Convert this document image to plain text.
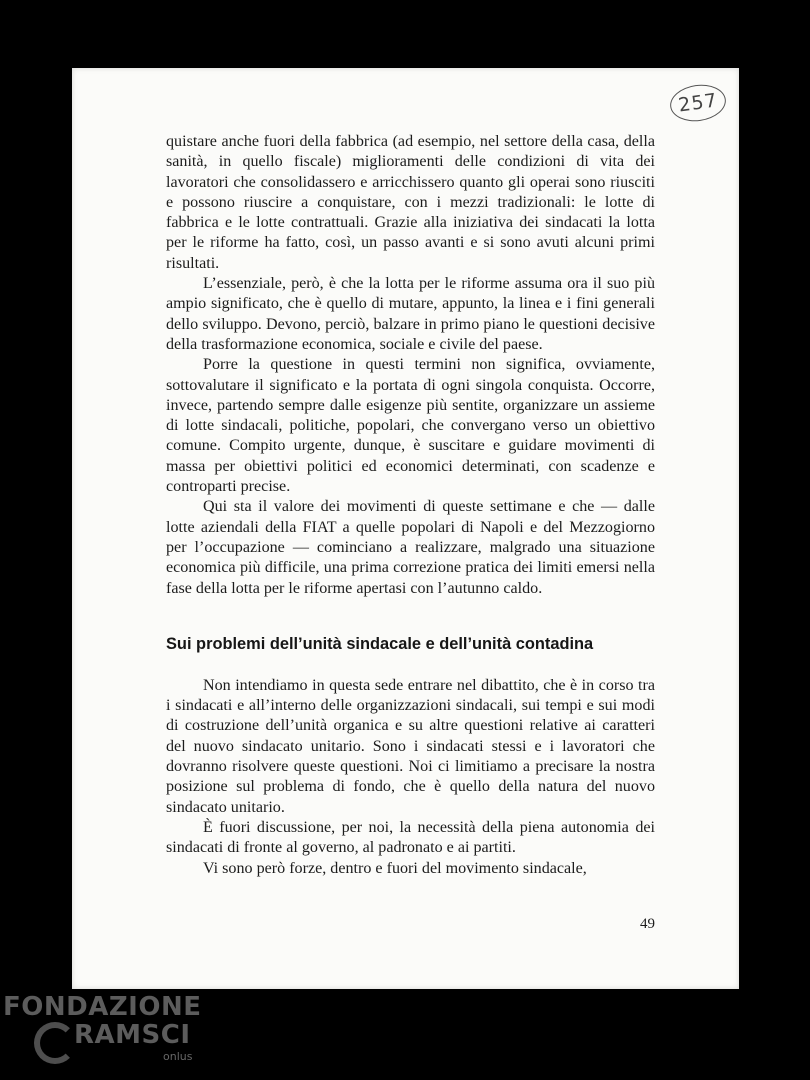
257

quistare anche fuori della fabbrica (ad esempio, nel settore della casa, della sanità, in quello fiscale) miglioramenti delle condizioni di vita dei lavoratori che consolidassero e arricchissero quanto gli operai sono riusciti e possono riuscire a conquistare, con i mezzi tradizionali: le lotte di fabbrica e le lotte contrattuali. Grazie alla iniziativa dei sindacati la lotta per le riforme ha fatto, così, un passo avanti e si sono avuti alcuni primi risultati.

L’essenziale, però, è che la lotta per le riforme assuma ora il suo più ampio significato, che è quello di mutare, appunto, la linea e i fini generali dello sviluppo. Devono, perciò, balzare in primo piano le questioni decisive della trasformazione economica, sociale e civile del paese.

Porre la questione in questi termini non significa, ovviamente, sottovalutare il significato e la portata di ogni singola conquista. Occorre, invece, partendo sempre dalle esigenze più sentite, organizzare un assieme di lotte sindacali, politiche, popolari, che convergano verso un obiettivo comune. Compito urgente, dunque, è suscitare e guidare movimenti di massa per obiettivi politici ed economici determinati, con scadenze e controparti precise.

Qui sta il valore dei movimenti di queste settimane e che — dalle lotte aziendali della FIAT a quelle popolari di Napoli e del Mezzogiorno per l’occupazione — cominciano a realizzare, malgrado una situazione economica più difficile, una prima correzione pratica dei limiti emersi nella fase della lotta per le riforme apertasi con l’autunno caldo.

Sui problemi dell’unità sindacale e dell’unità contadina

Non intendiamo in questa sede entrare nel dibattito, che è in corso tra i sindacati e all’interno delle organizzazioni sindacali, sui tempi e sui modi di costruzione dell’unità organica e su altre questioni relative ai caratteri del nuovo sindacato unitario. Sono i sindacati stessi e i lavoratori che dovranno risolvere queste questioni. Noi ci limitiamo a precisare la nostra posizione sul problema di fondo, che è quello della natura del nuovo sindacato unitario.

È fuori discussione, per noi, la necessità della piena autonomia dei sindacati di fronte al governo, al padronato e ai partiti.

Vi sono però forze, dentro e fuori del movimento sindacale,

49
FONDAZIONE
RAMSCI
onlus
